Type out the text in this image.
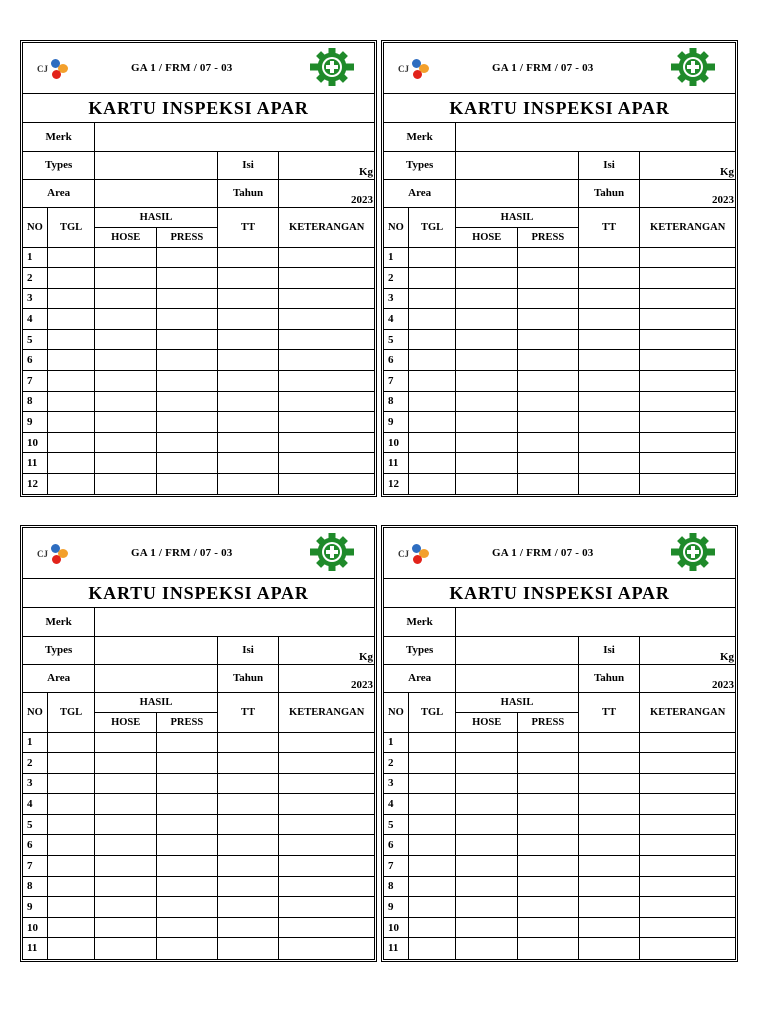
CJ	GA 1 / FRM / 07 - 03
KARTU INSPEKSI APAR
Merk					
Types				Isi	Kg
Area				Tahun	2023
NO	TGL	HASIL		TT	KETERANGAN
		HOSE	PRESS		
1					
2					
3					
4					
5					
6					
7					
8					
9					
10					
11					
12					
CJ	GA 1 / FRM / 07 - 03
KARTU INSPEKSI APAR
Merk					
Types				Isi	Kg
Area				Tahun	2023
NO	TGL	HASIL		TT	KETERANGAN
		HOSE	PRESS		
1					
2					
3					
4					
5					
6					
7					
8					
9					
10					
11					
12					
CJ	GA 1 / FRM / 07 - 03
KARTU INSPEKSI APAR
Merk					
Types				Isi	Kg
Area				Tahun	2023
NO	TGL	HASIL		TT	KETERANGAN
		HOSE	PRESS		
1					
2					
3					
4					
5					
6					
7					
8					
9					
10					
11					
CJ	GA 1 / FRM / 07 - 03
KARTU INSPEKSI APAR
Merk					
Types				Isi	Kg
Area				Tahun	2023
NO	TGL	HASIL		TT	KETERANGAN
		HOSE	PRESS		
1					
2					
3					
4					
5					
6					
7					
8					
9					
10					
11					
